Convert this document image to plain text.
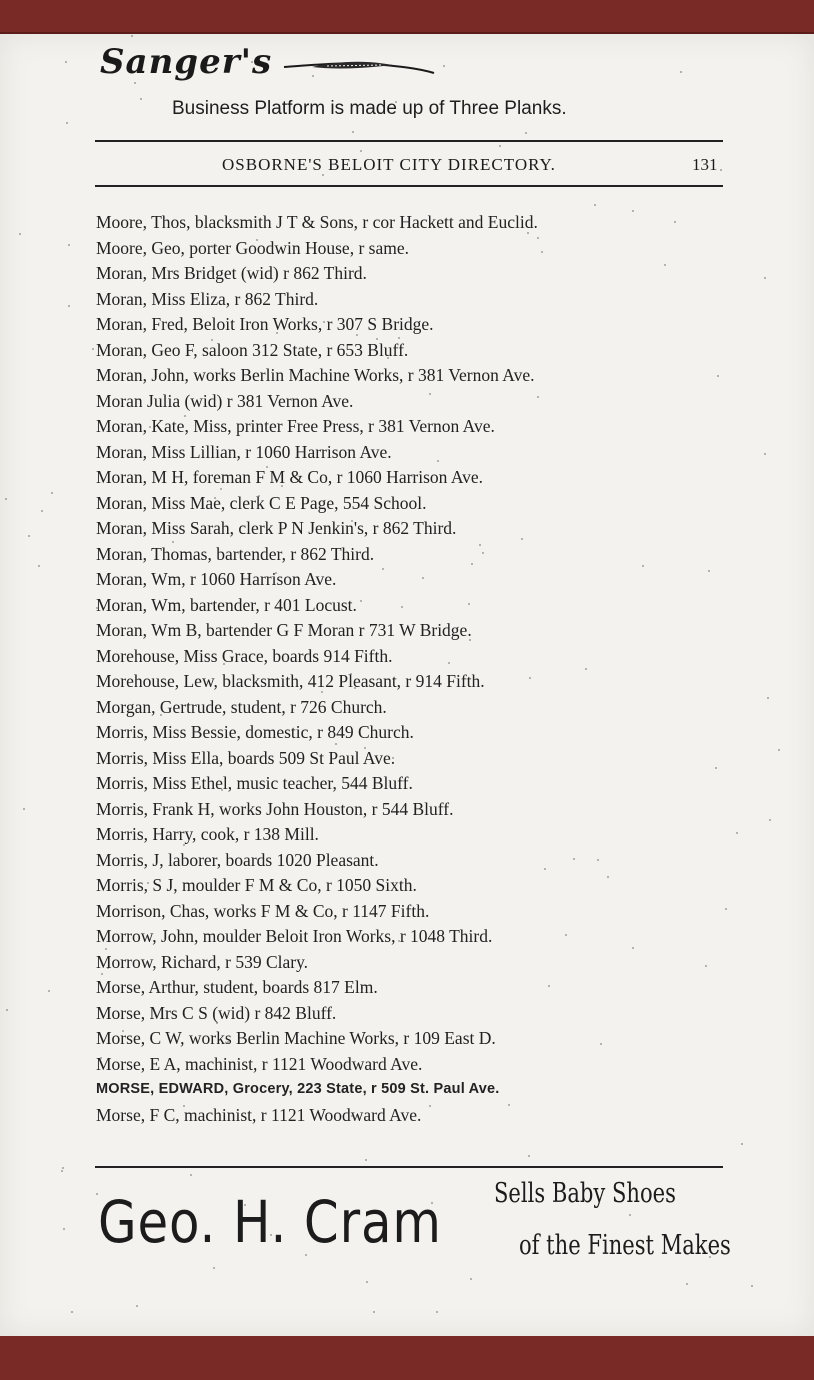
Sanger's
Business Platform is made up of Three Planks.
OSBORNE'S BELOIT CITY DIRECTORY.	131
Moore, Thos, blacksmith J T & Sons, r cor Hackett and Euclid.
Moore, Geo, porter Goodwin House, r same.
Moran, Mrs Bridget (wid) r 862 Third.
Moran, Miss Eliza, r 862 Third.
Moran, Fred, Beloit Iron Works, r 307 S Bridge.
Moran, Geo F, saloon 312 State, r 653 Bluff.
Moran, John, works Berlin Machine Works, r 381 Vernon Ave.
Moran Julia (wid) r 381 Vernon Ave.
Moran, Kate, Miss, printer Free Press, r 381 Vernon Ave.
Moran, Miss Lillian, r 1060 Harrison Ave.
Moran, M H, foreman F M & Co, r 1060 Harrison Ave.
Moran, Miss Mae, clerk C E Page, 554 School.
Moran, Miss Sarah, clerk P N Jenkin's, r 862 Third.
Moran, Thomas, bartender, r 862 Third.
Moran, Wm, r 1060 Harrison Ave.
Moran, Wm, bartender, r 401 Locust.
Moran, Wm B, bartender G F Moran r 731 W Bridge.
Morehouse, Miss Grace, boards 914 Fifth.
Morehouse, Lew, blacksmith, 412 Pleasant, r 914 Fifth.
Morgan, Gertrude, student, r 726 Church.
Morris, Miss Bessie, domestic, r 849 Church.
Morris, Miss Ella, boards 509 St Paul Ave.
Morris, Miss Ethel, music teacher, 544 Bluff.
Morris, Frank H, works John Houston, r 544 Bluff.
Morris, Harry, cook, r 138 Mill.
Morris, J, laborer, boards 1020 Pleasant.
Morris, S J, moulder F M & Co, r 1050 Sixth.
Morrison, Chas, works F M & Co, r 1147 Fifth.
Morrow, John, moulder Beloit Iron Works, r 1048 Third.
Morrow, Richard, r 539 Clary.
Morse, Arthur, student, boards 817 Elm.
Morse, Mrs C S (wid) r 842 Bluff.
Morse, C W, works Berlin Machine Works, r 109 East D.
Morse, E A, machinist, r 1121 Woodward Ave.
MORSE, EDWARD, Grocery, 223 State, r 509 St. Paul Ave.
Morse, F C, machinist, r 1121 Woodward Ave.
Geo. H. Cram Sells Baby Shoes
of the Finest Makes
